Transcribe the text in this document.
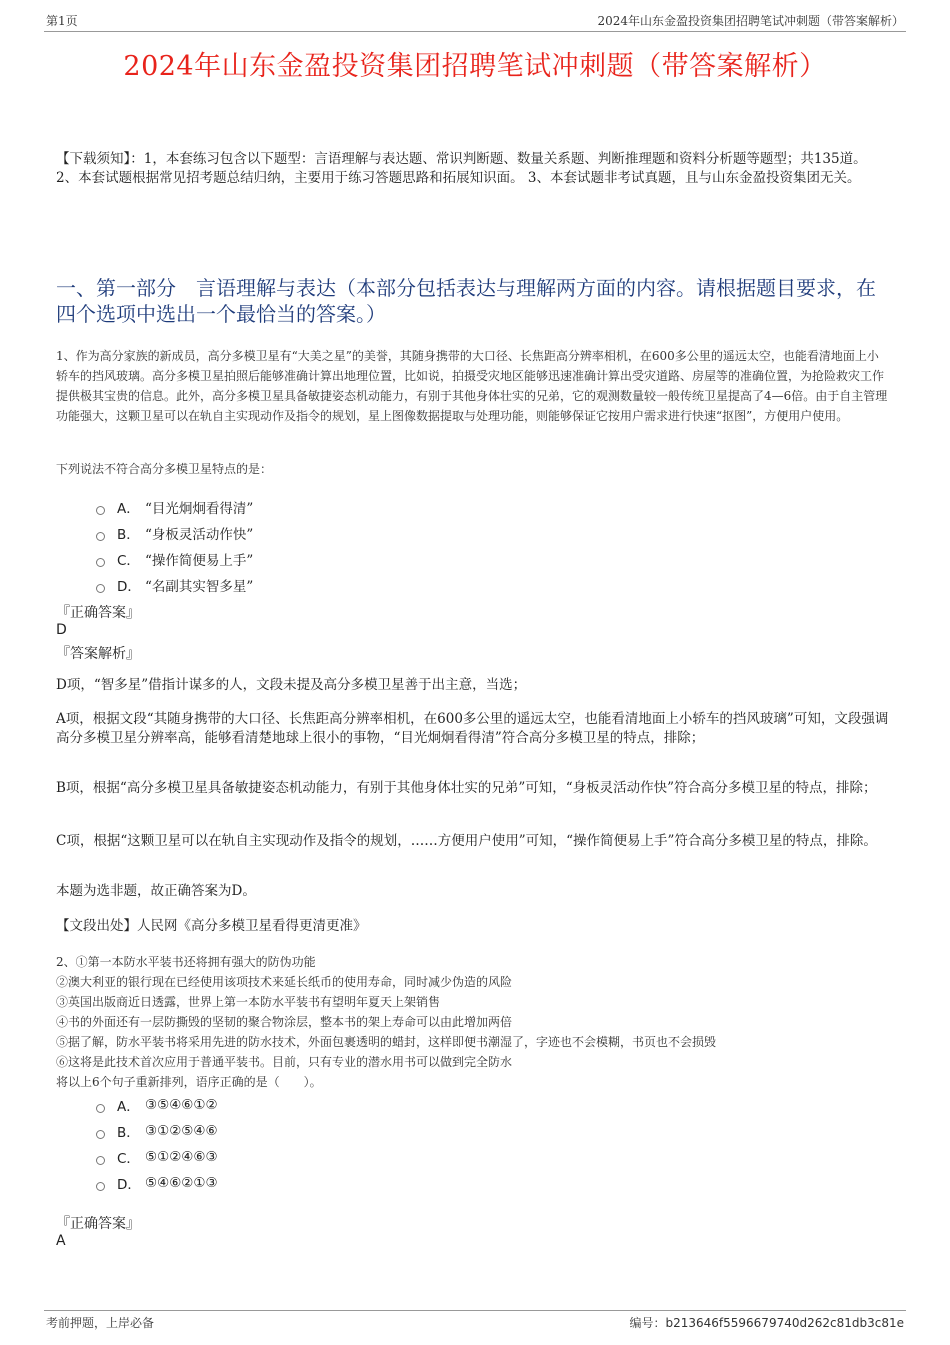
第1页	2024年山东金盈投资集团招聘笔试冲刺题（带答案解析）
2024年山东金盈投资集团招聘笔试冲刺题（带答案解析）
【下载须知】：1，本套练习包含以下题型：言语理解与表达题、常识判断题、数量关系题、判断推理题和资料分析题等题型；共135道。 2、本套试题根据常见招考题总结归纳，主要用于练习答题思路和拓展知识面。 3、本套试题非考试真题，且与山东金盈投资集团无关。
一、第一部分　言语理解与表达（本部分包括表达与理解两方面的内容。请根据题目要求，在四个选项中选出一个最恰当的答案。）
1、作为高分家族的新成员，高分多模卫星有“大美之星”的美誉，其随身携带的大口径、长焦距高分辨率相机，在600多公里的遥远太空，也能看清地面上小轿车的挡风玻璃。高分多模卫星拍照后能够准确计算出地理位置，比如说，拍摄受灾地区能够迅速准确计算出受灾道路、房屋等的准确位置，为抢险救灾工作提供极其宝贵的信息。此外，高分多模卫星具备敏捷姿态机动能力，有别于其他身体壮实的兄弟，它的观测数量较一般传统卫星提高了4—6倍。由于自主管理功能强大，这颗卫星可以在轨自主实现动作及指令的规划，星上图像数据提取与处理功能，则能够保证它按用户需求进行快速“抠图”，方便用户使用。
下列说法不符合高分多模卫星特点的是：
A． “目光炯炯看得清”
B． “身板灵活动作快”
C． “操作简便易上手”
D． “名副其实智多星”
『正确答案』
D
『答案解析』
D项，“智多星”借指计谋多的人，文段未提及高分多模卫星善于出主意，当选；
A项，根据文段“其随身携带的大口径、长焦距高分辨率相机，在600多公里的遥远太空，也能看清地面上小轿车的挡风玻璃”可知，文段强调高分多模卫星分辨率高，能够看清楚地球上很小的事物，“目光炯炯看得清”符合高分多模卫星的特点，排除；
B项，根据“高分多模卫星具备敏捷姿态机动能力，有别于其他身体壮实的兄弟”可知，“身板灵活动作快”符合高分多模卫星的特点，排除；
C项，根据“这颗卫星可以在轨自主实现动作及指令的规划，……方便用户使用”可知，“操作简便易上手”符合高分多模卫星的特点，排除。
本题为选非题，故正确答案为D。
【文段出处】人民网《高分多模卫星看得更清更准》
2、①第一本防水平装书还将拥有强大的防伪功能
②澳大利亚的银行现在已经使用该项技术来延长纸币的使用寿命，同时减少伪造的风险
③英国出版商近日透露，世界上第一本防水平装书有望明年夏天上架销售
④书的外面还有一层防撕毁的坚韧的聚合物涂层，整本书的架上寿命可以由此增加两倍
⑤据了解，防水平装书将采用先进的防水技术，外面包裹透明的蜡封，这样即便书潮湿了，字迹也不会模糊，书页也不会损毁
⑥这将是此技术首次应用于普通平装书。目前，只有专业的潜水用书可以做到完全防水
将以上6个句子重新排列，语序正确的是（　　）。
A． ③⑤④⑥①②
B． ③①②⑤④⑥
C． ⑤①②④⑥③
D． ⑤④⑥②①③
『正确答案』
A
考前押题，上岸必备	编号：b213646f5596679740d262c81db3c81e
